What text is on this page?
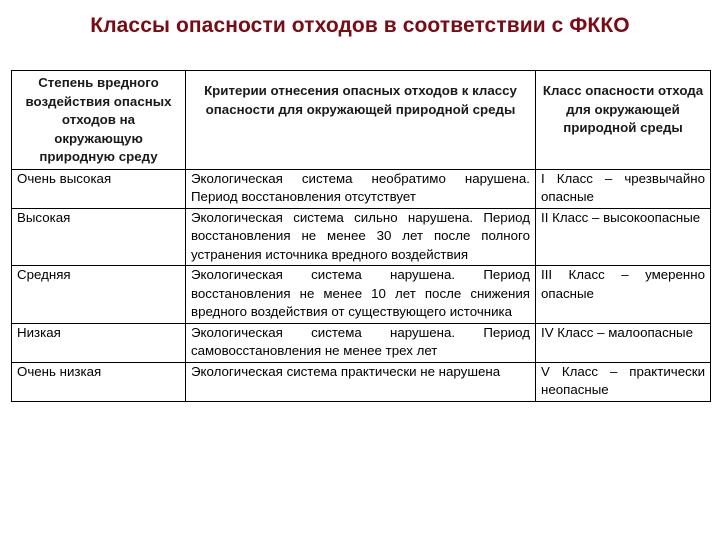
Классы опасности отходов в соответствии с ФККО
Степень вредного воздействия опасных отходов на окружающую природную среду	Критерии отнесения опасных отходов к классу опасности для окружающей природной среды	Класс опасности отхода для окружающей природной среды

Очень высокая	Экологическая система необратимо нарушена. Период восстановления отсутствует	I Класс – чрезвычайно опасные
Высокая	Экологическая система сильно нарушена. Период восстановления не менее 30 лет после полного устранения источника вредного воздействия	II Класс – высокоопасные
Средняя	Экологическая система нарушена. Период восстановления не менее 10 лет после снижения вредного воздействия от существующего источника	III Класс – умеренно опасные
Низкая	Экологическая система нарушена. Период самовосстановления не менее трех лет	IV Класс – малоопасные
Очень низкая	Экологическая система практически не нарушена	V Класс – практически неопасные
